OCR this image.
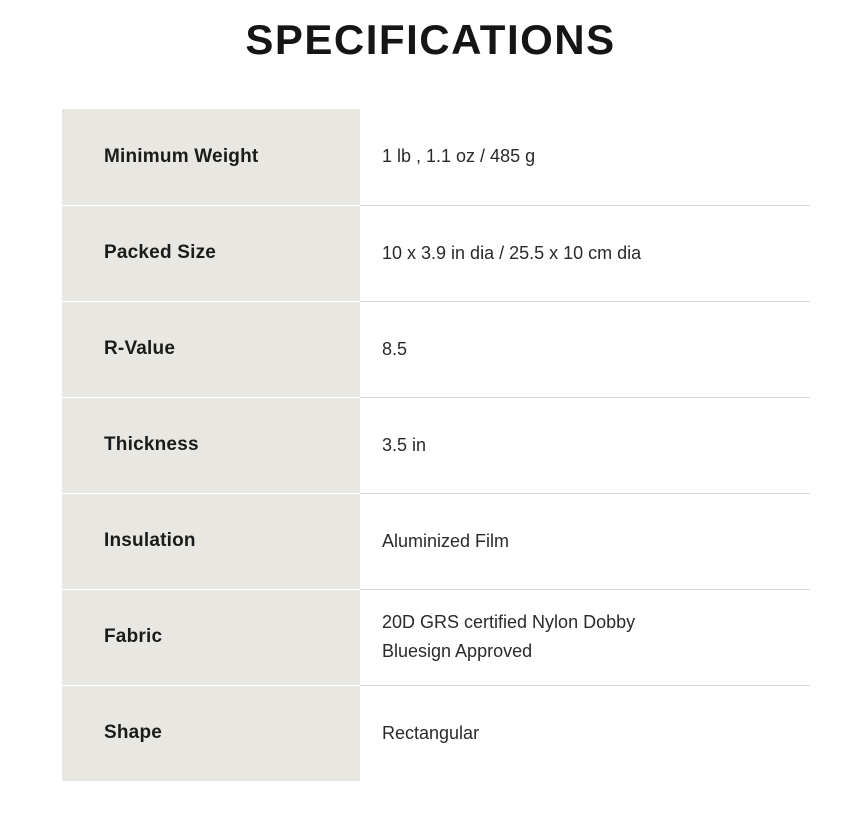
SPECIFICATIONS
Minimum Weight	1 lb , 1.1 oz / 485 g

Packed Size	10 x 3.9 in dia / 25.5 x 10 cm dia

R-Value	8.5

Thickness	3.5 in

Insulation	Aluminized Film

Fabric	20D GRS certified Nylon Dobby
Bluesign Approved

Shape	Rectangular
